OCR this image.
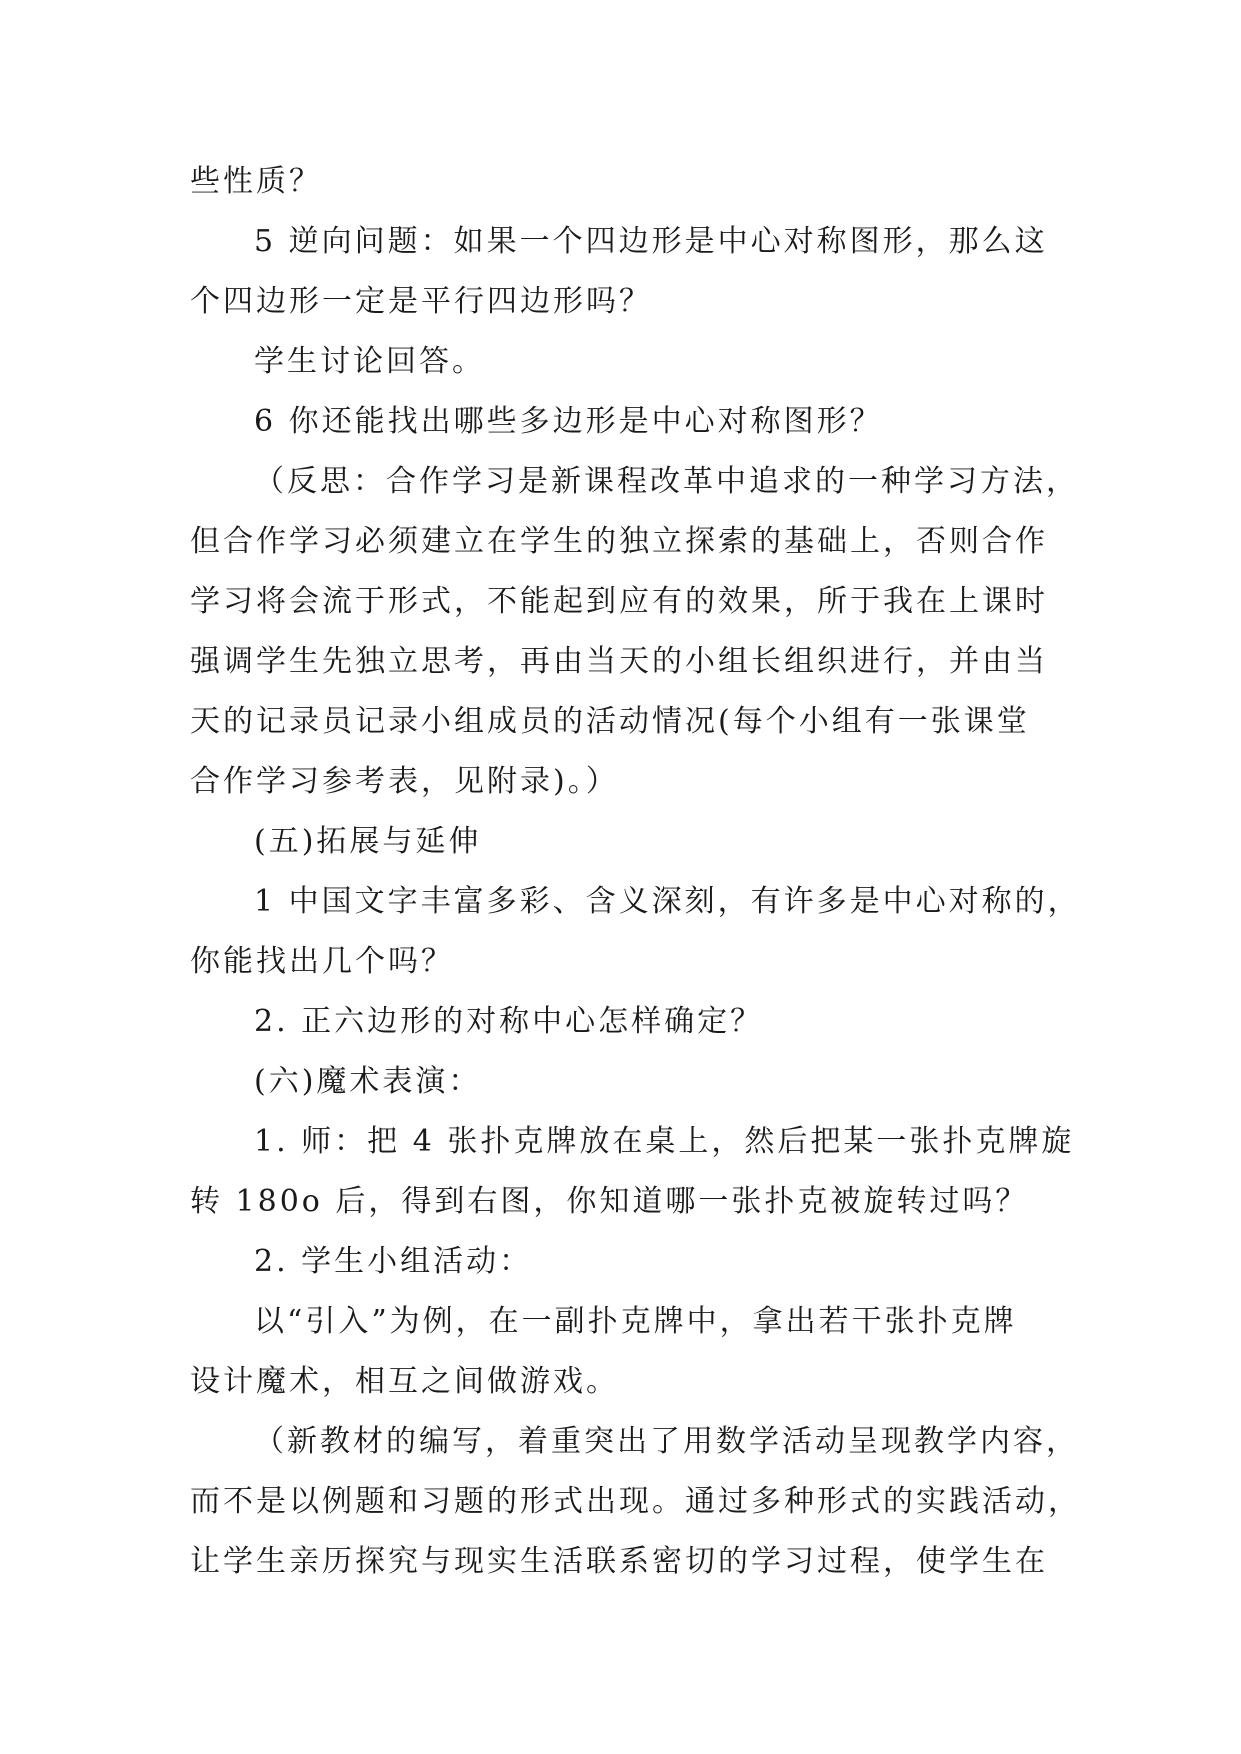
些性质？
5 逆向问题：如果一个四边形是中心对称图形，那么这
个四边形一定是平行四边形吗？
学生讨论回答。
6 你还能找出哪些多边形是中心对称图形？
（反思：合作学习是新课程改革中追求的一种学习方法，
但合作学习必须建立在学生的独立探索的基础上，否则合作
学习将会流于形式，不能起到应有的效果，所于我在上课时
强调学生先独立思考，再由当天的小组长组织进行，并由当
天的记录员记录小组成员的活动情况(每个小组有一张课堂
合作学习参考表，见附录)。）
(五)拓展与延伸
1 中国文字丰富多彩、含义深刻，有许多是中心对称的，
你能找出几个吗？
2. 正六边形的对称中心怎样确定？
(六)魔术表演：
1. 师：把 4 张扑克牌放在桌上，然后把某一张扑克牌旋
转 180o 后，得到右图，你知道哪一张扑克被旋转过吗？
2. 学生小组活动：
以“引入”为例，在一副扑克牌中，拿出若干张扑克牌
设计魔术，相互之间做游戏。
（新教材的编写，着重突出了用数学活动呈现教学内容，
而不是以例题和习题的形式出现。通过多种形式的实践活动，
让学生亲历探究与现实生活联系密切的学习过程，使学生在
